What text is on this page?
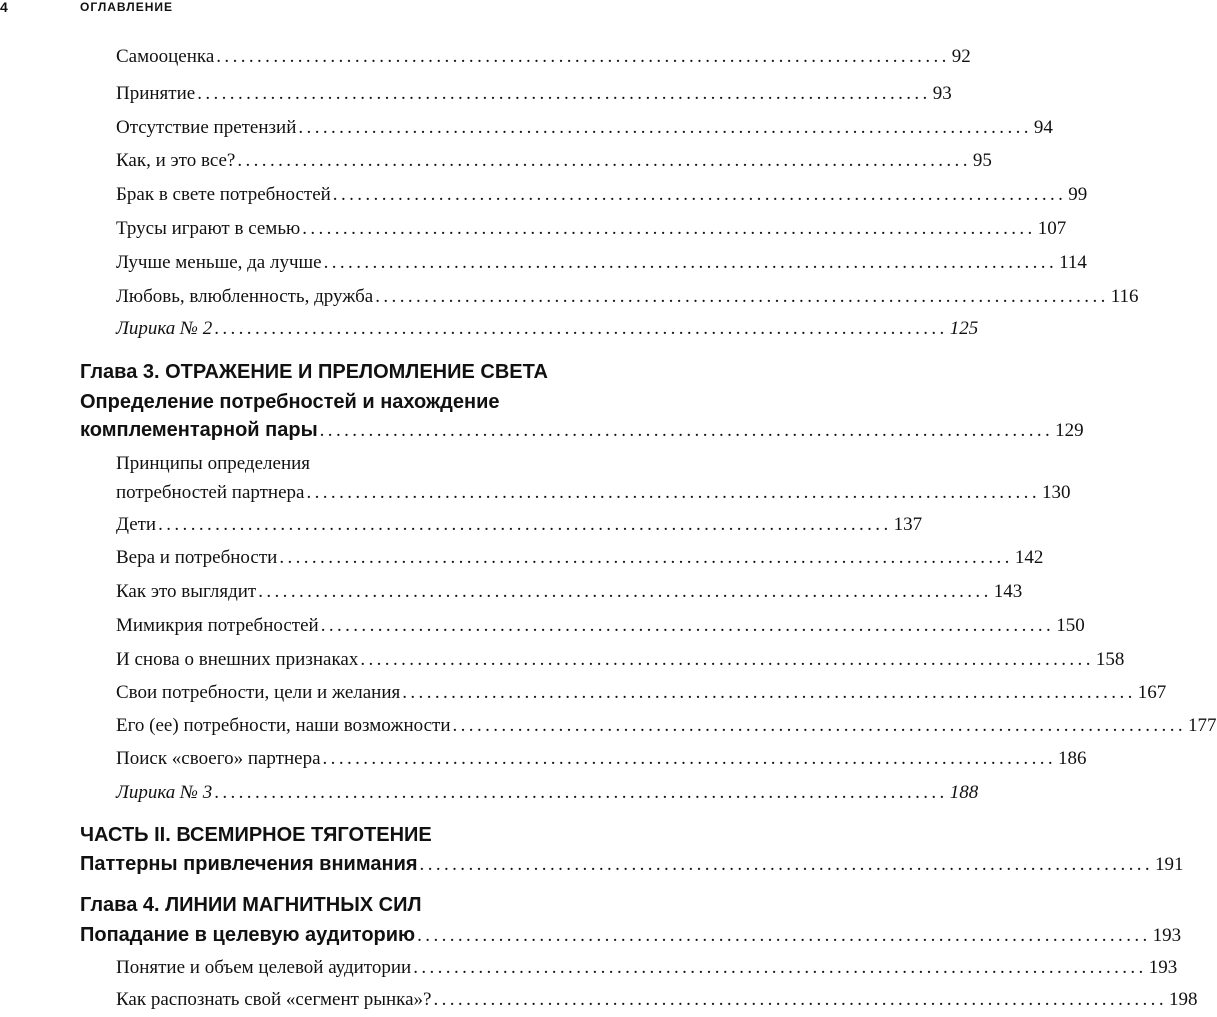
4	ОГЛАВЛЕНИЕ
Самооценка .......................................................................................... 92
Принятие .......................................................................................... 93
Отсутствие претензий .......................................................................................... 94
Как, и это все? .......................................................................................... 95
Брак в свете потребностей .......................................................................................... 99
Трусы играют в семью .......................................................................................... 107
Лучше меньше, да лучше .......................................................................................... 114
Любовь, влюбленность, дружба .......................................................................................... 116
Лирика № 2 .......................................................................................... 125
Глава 3. ОТРАЖЕНИЕ И ПРЕЛОМЛЕНИЕ СВЕТА
Определение потребностей и нахождение
комплементарной пары .......................................................................................... 129
Принципы определения
потребностей партнера .......................................................................................... 130
Дети .......................................................................................... 137
Вера и потребности .......................................................................................... 142
Как это выглядит .......................................................................................... 143
Мимикрия потребностей .......................................................................................... 150
И снова о внешних признаках .......................................................................................... 158
Свои потребности, цели и желания .......................................................................................... 167
Его (ее) потребности, наши возможности .......................................................................................... 177
Поиск «своего» партнера .......................................................................................... 186
Лирика № 3 .......................................................................................... 188
ЧАСТЬ II. ВСЕМИРНОЕ ТЯГОТЕНИЕ
Паттерны привлечения внимания .......................................................................................... 191
Глава 4. ЛИНИИ МАГНИТНЫХ СИЛ
Попадание в целевую аудиторию .......................................................................................... 193
Понятие и объем целевой аудитории .......................................................................................... 193
Как распознать свой «сегмент рынка»? .......................................................................................... 198
